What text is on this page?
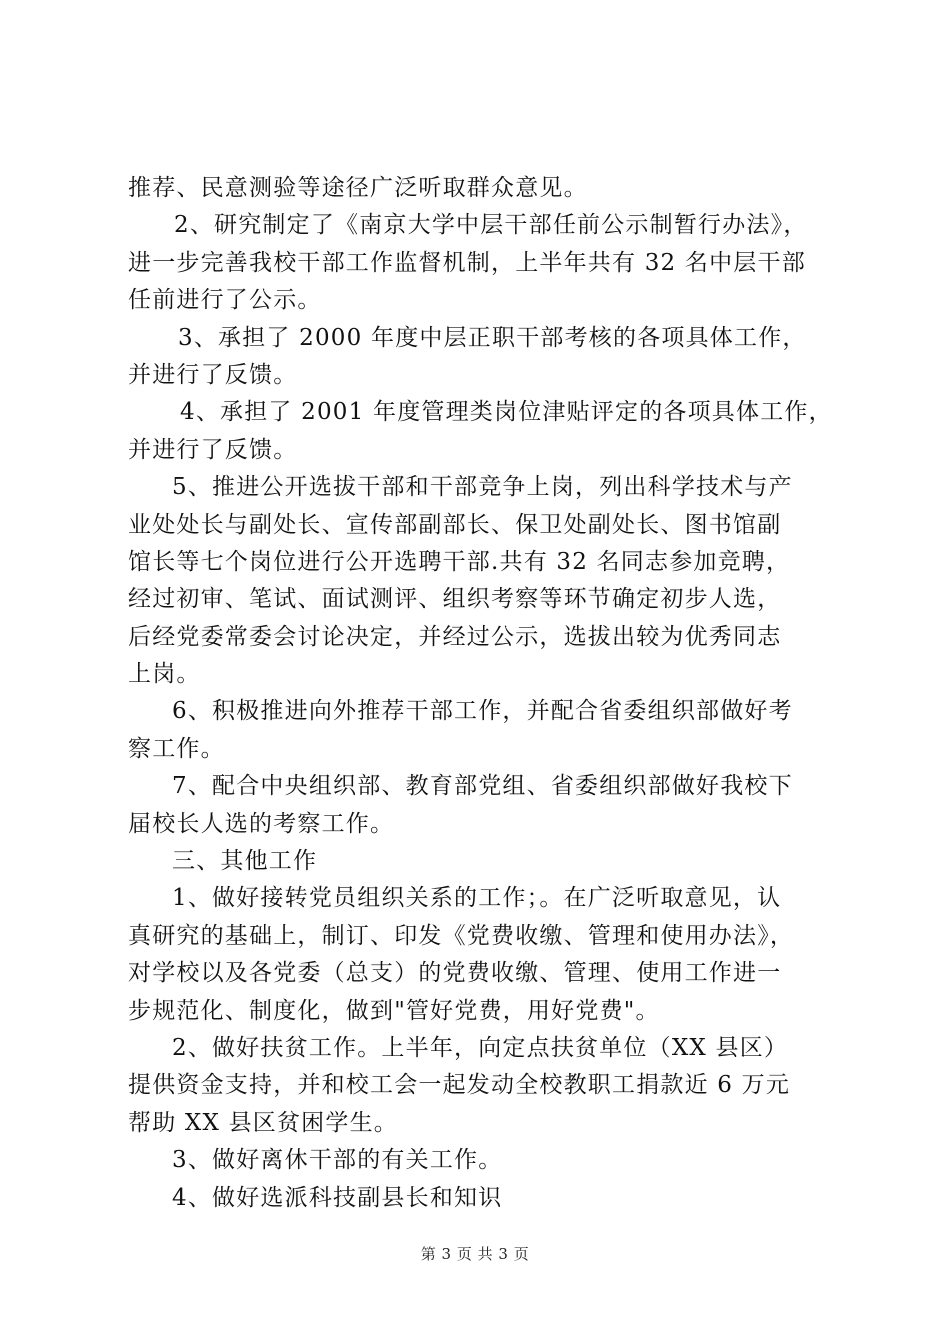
推荐、民意测验等途径广泛听取群众意见。
2、研究制定了《南京大学中层干部任前公示制暂行办法》，
进一步完善我校干部工作监督机制，上半年共有 32 名中层干部
任前进行了公示。
3、承担了 2000 年度中层正职干部考核的各项具体工作，
并进行了反馈。
4、承担了 2001 年度管理类岗位津贴评定的各项具体工作，
并进行了反馈。
5、推进公开选拔干部和干部竞争上岗，列出科学技术与产
业处处长与副处长、宣传部副部长、保卫处副处长、图书馆副
馆长等七个岗位进行公开选聘干部.共有 32 名同志参加竞聘，
经过初审、笔试、面试测评、组织考察等环节确定初步人选，
后经党委常委会讨论决定，并经过公示，选拔出较为优秀同志
上岗。
6、积极推进向外推荐干部工作，并配合省委组织部做好考
察工作。
7、配合中央组织部、教育部党组、省委组织部做好我校下
届校长人选的考察工作。
三、其他工作
1、做好接转党员组织关系的工作；。在广泛听取意见，认
真研究的基础上，制订、印发《党费收缴、管理和使用办法》，
对学校以及各党委（总支）的党费收缴、管理、使用工作进一
步规范化、制度化，做到"管好党费，用好党费"。
2、做好扶贫工作。上半年，向定点扶贫单位（XX 县区）
提供资金支持，并和校工会一起发动全校教职工捐款近 6 万元
帮助 XX 县区贫困学生。
3、做好离休干部的有关工作。
4、做好选派科技副县长和知识
第 3 页 共 3 页
